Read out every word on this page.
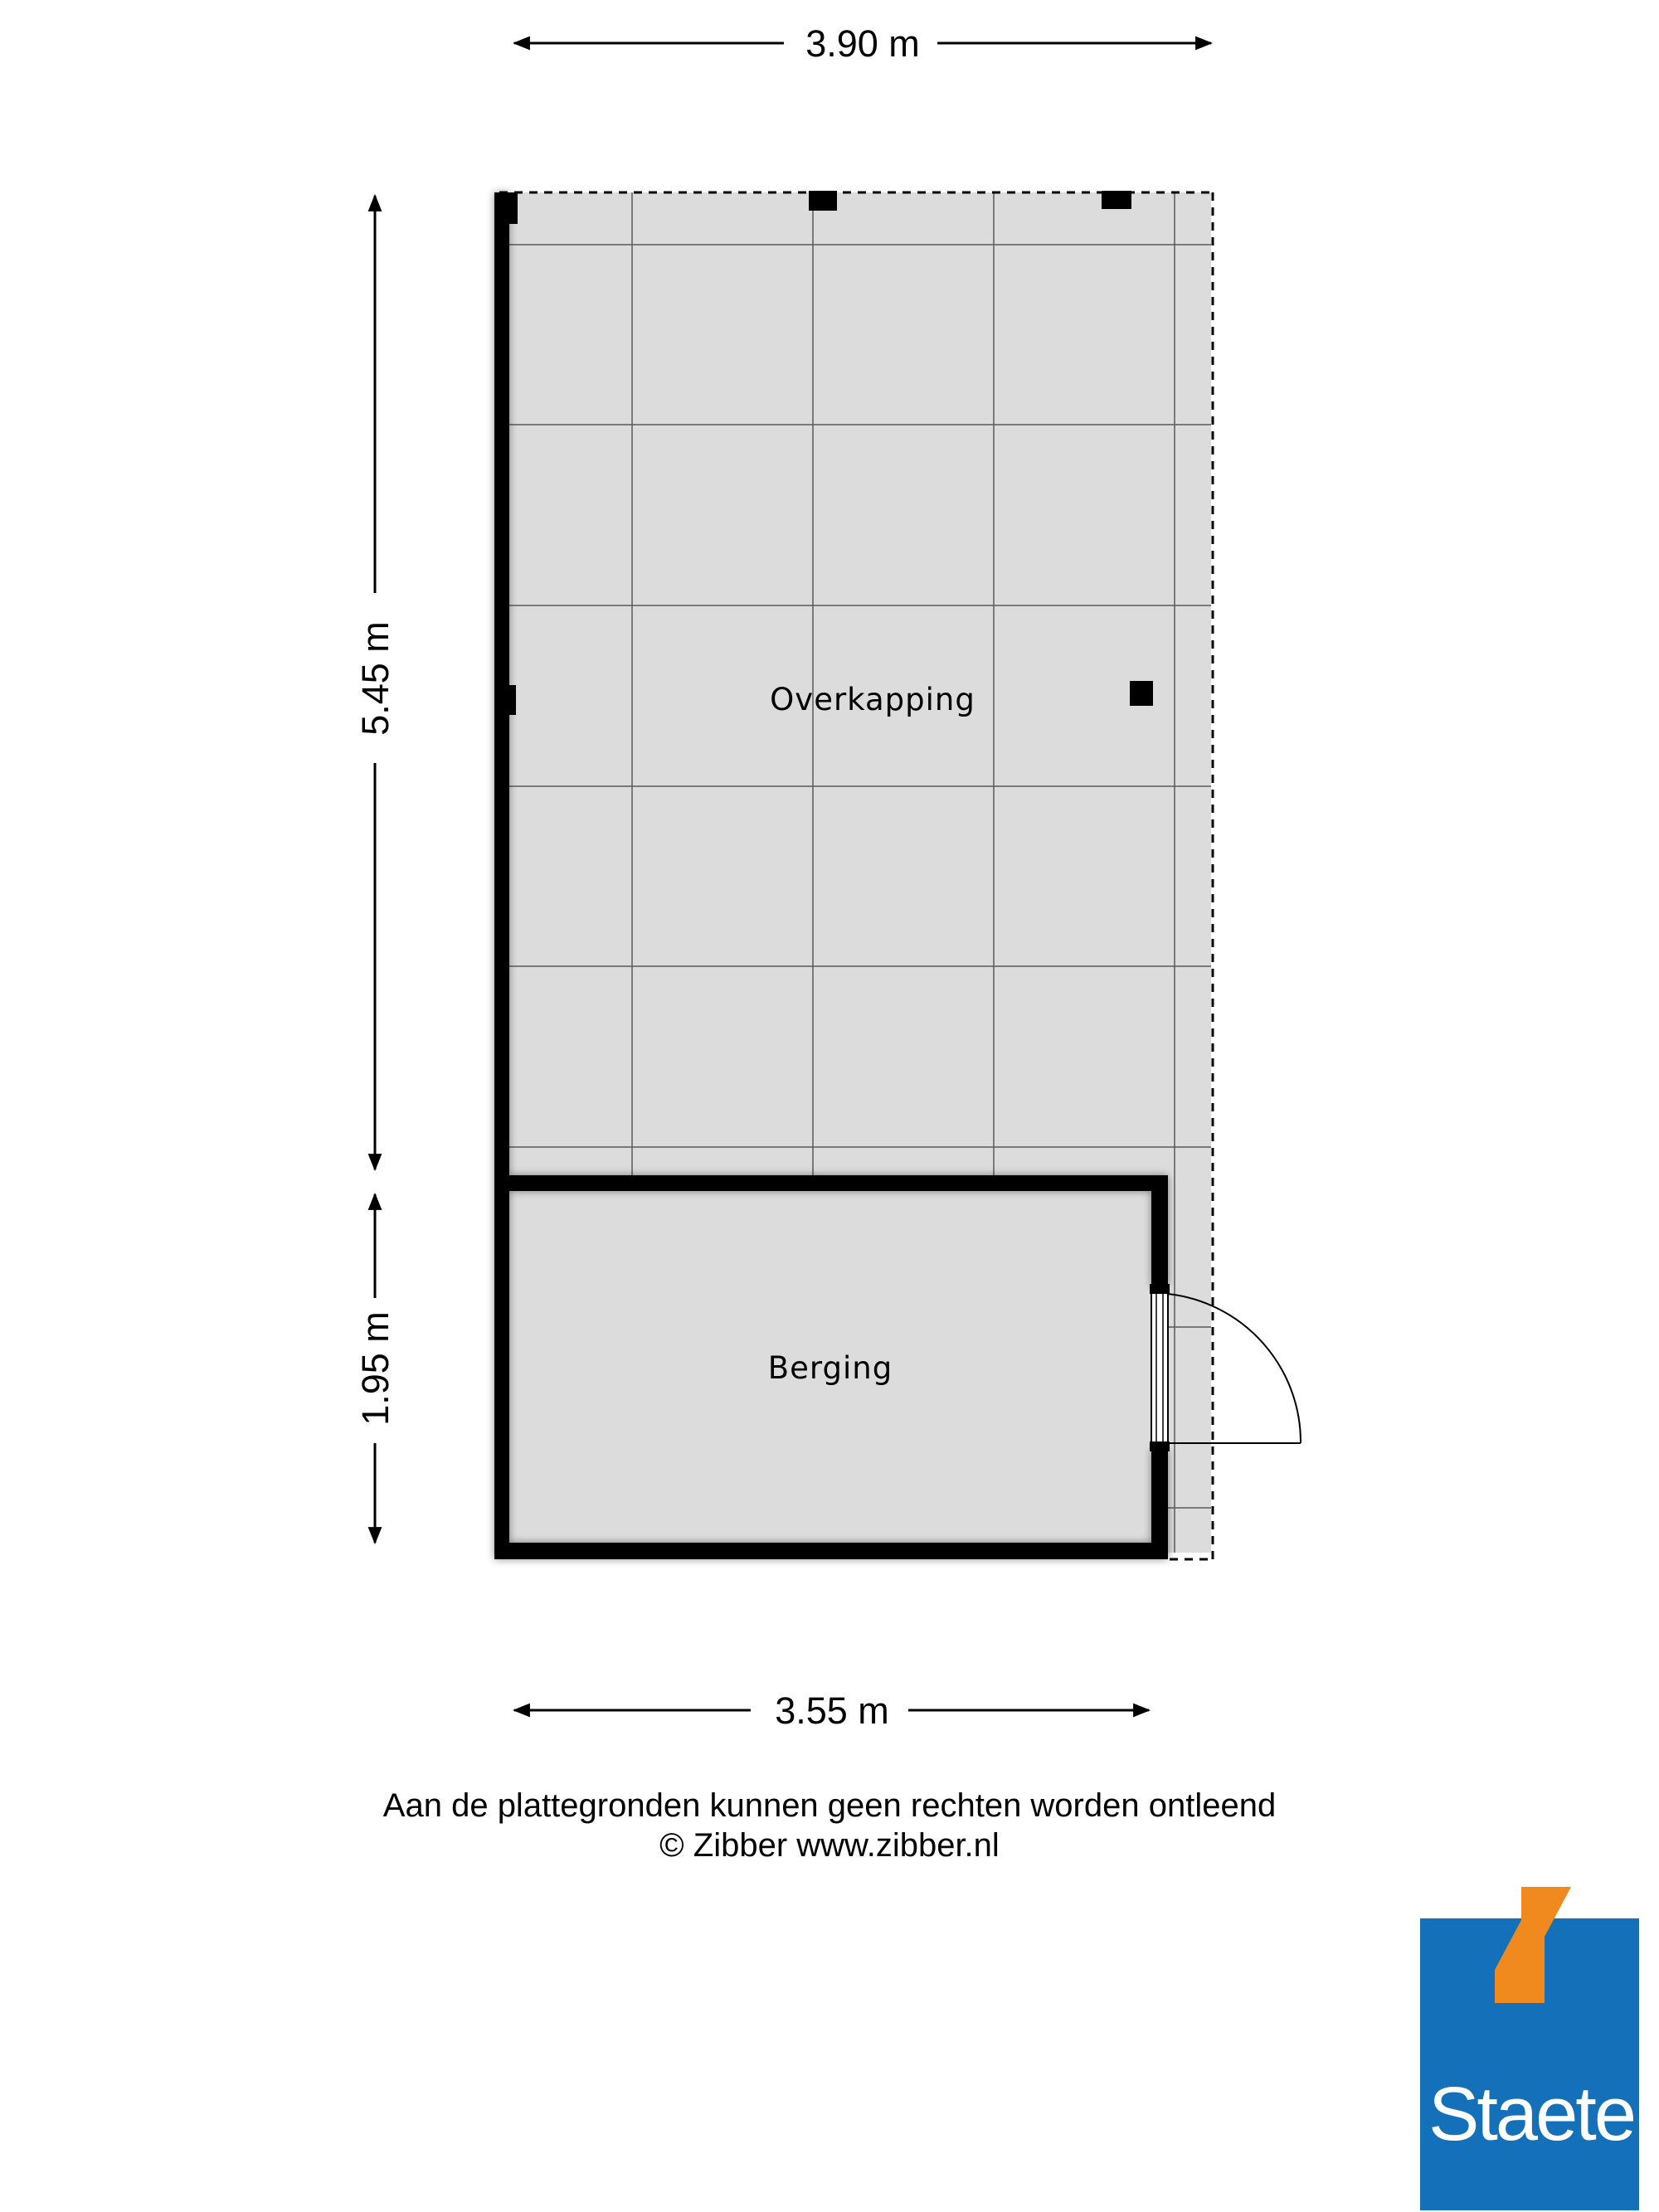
3.90 m
5.45 m
1.95 m
3.55 m
Overkapping
Berging
Aan de plattegronden kunnen geen rechten worden ontleend
© Zibber www.zibber.nl
Staete
